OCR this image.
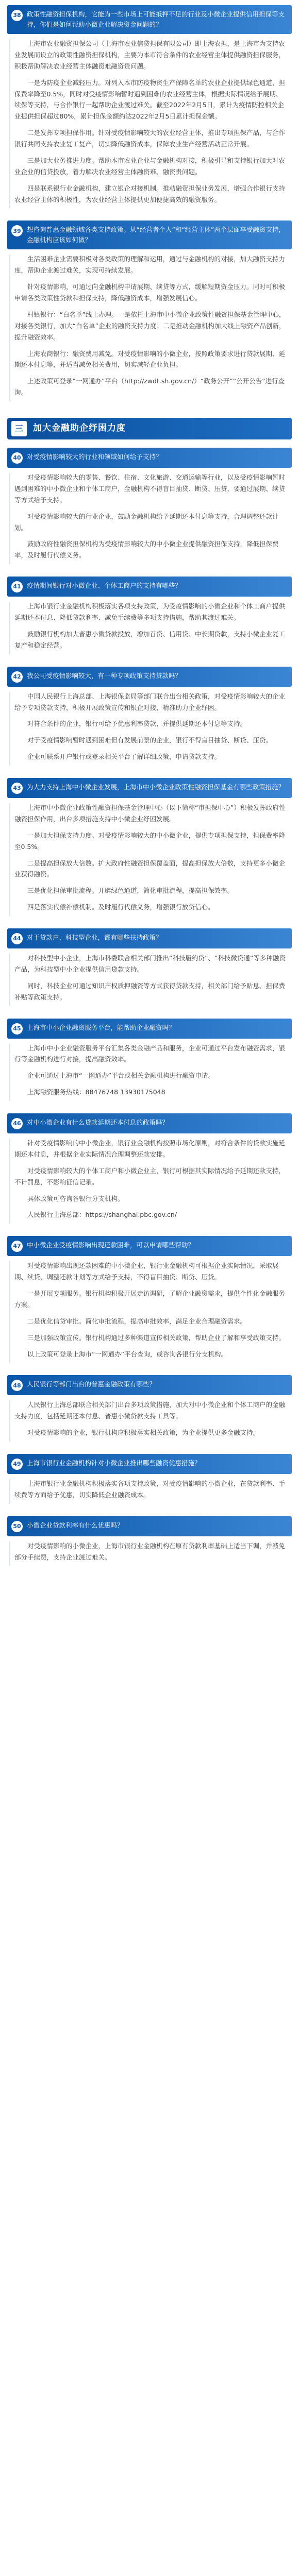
38 政策性融资担保机构，它能为一些市场上可能抵押不足的行业及小微企业提供信用担保等支持，你们是如何帮助小微企业解决资金问题的？

上海市农业融资担保公司（上海市农业信贷担保有限公司）即上海农担，是上海市为支持农业发展而设立的政策性融资担保机构，主要为本市符合条件的农业经营主体提供融资担保服务，积极帮助解决农业经营主体融资难融资贵问题。

一是为防疫企业减轻压力。对列入本市防疫物资生产保障名单的农业企业提供绿色通道，担保费率降至0.5%，同时对受疫情影响暂时遇到困难的农业经营主体，根据实际情况给予展期、续保等支持，与合作银行一起帮助企业渡过难关。截至2022年2月5日，累计为疫情防控相关企业提供担保超过80%，累计担保金额约达2022年2月5日累计担保金额。

二是发挥专项担保作用。针对受疫情影响较大的农业经营主体，推出专项担保产品，与合作银行共同支持农业复工复产，切实降低融资成本，保障农业生产经营活动正常开展。

三是加大业务推进力度。帮助本市农业企业与金融机构对接，积极引导和支持银行加大对农业企业的信贷投放，着力解决农业经营主体融资难、融资贵问题。

四是联系银行业金融机构，建立银企对接机制。推动融资担保业务发展，增强合作银行支持农业经营主体的积极性，为农业经营主体提供更加便捷高效的融资服务。

39 想咨询普惠金融领域各类支持政策。从“经营者个人”和“经营主体”两个层面享受融资支持，金融机构应该如何做？

生活困难企业需要积极对各类政策的理解和运用，通过与金融机构的对接，加大融资支持力度，帮助企业渡过难关，实现可持续发展。

针对疫情影响，可通过向金融机构申请展期、续贷等方式，缓解短期资金压力。同时可积极申请各类政策性贷款和担保支持，降低融资成本，增强发展信心。

村镇银行：“白名单”线上办理。一是依托上海市中小微企业政策性融资担保基金管理中心，对接各类银行，加大“白名单”企业的融资支持力度；二是推动金融机构加大线上融资产品创新，提升融资效率。

上海农商银行：融资费用减免。对受疫情影响的小微企业，按照政策要求进行贷款展期、延期还本付息等，并适当减免相关费用，切实减轻企业负担。

上述政策可登录“一网通办”平台（http://zwdt.sh.gov.cn/）“政务公开”“公开公告”进行查询。

三	加大金融助企纾困力度
40 对受疫情影响较大的行业和领域如何给予支持？

对受疫情影响较大的零售、餐饮、住宿、文化旅游、交通运输等行业，以及受疫情影响暂时遇到困难的中小微企业和个体工商户，金融机构不得盲目抽贷、断贷、压贷，要通过展期、续贷等方式给予支持。

对受疫情影响较大的行业企业，鼓励金融机构给予延期还本付息等支持，合理调整还款计划。

鼓励政府性融资担保机构为受疫情影响较大的中小微企业提供融资担保支持，降低担保费率，及时履行代偿义务。

41 疫情期间银行对小微企业、个体工商户的支持有哪些？

上海市银行业金融机构积极落实各项支持政策，为受疫情影响的小微企业和个体工商户提供延期还本付息、降低贷款利率、减免手续费等多项支持措施，帮助其渡过难关。

鼓励银行机构加大普惠小微贷款投放，增加首贷、信用贷、中长期贷款，支持小微企业复工复产和稳定经营。

42 我公司受疫情影响较大，有一种专项政策支持贷款吗？

中国人民银行上海总部、上海银保监局等部门联合出台相关政策，对受疫情影响较大的企业给予专项贷款支持，积极开展政策宣传和银企对接，精准助力企业纾困。

对符合条件的企业，银行可给予优惠利率贷款，并提供延期还本付息等支持。

对于受疫情影响暂时遇到困难但有发展前景的企业，银行不得盲目抽贷、断贷、压贷。

企业可联系开户银行或登录相关平台了解详细政策，申请贷款支持。

43 为大力支持上海中小微企业发展，上海市中小微企业政策性融资担保基金有哪些政策措施？

上海市中小微企业政策性融资担保基金管理中心（以下简称“市担保中心”）积极发挥政府性融资担保作用，出台多项措施支持中小微企业纾困发展。

一是加大担保支持力度。对受疫情影响较大的中小微企业，提供专项担保支持，担保费率降至0.5%。

二是提高担保放大倍数。扩大政府性融资担保覆盖面，提高担保放大倍数，支持更多小微企业获得融资。

三是优化担保审批流程。开辟绿色通道，简化审批流程，提高担保效率。

四是落实代偿补偿机制。及时履行代偿义务，增强银行放贷信心。

44 对于贷款户、科技型企业，都有哪些扶持政策？

对科技型中小企业，上海市科委联合相关部门推出“科技履约贷”、“科技微贷通”等多种融资产品，为科技型中小企业提供信用贷款支持。

同时，科技企业可通过知识产权质押融资等方式获得贷款支持，相关部门给予贴息、担保费补贴等政策支持。

45 上海市中小企业融资服务平台，能帮助企业融资吗？

上海市中小企业融资服务平台汇集各类金融产品和服务，企业可通过平台发布融资需求，银行等金融机构进行对接，提高融资效率。

企业可通过上海市“一网通办”平台或相关金融机构进行融资申请。

上海融资服务热线：88476748 13930175048

46 对中小微企业有什么贷款延期还本付息的政策吗？

针对受疫情影响的中小微企业，银行业金融机构按照市场化原则，对符合条件的贷款实施延期还本付息，并根据企业实际情况合理调整还款安排。

对受疫情影响较大的个体工商户和小微企业主，银行可根据其实际情况给予延期还款支持，不计罚息，不影响征信记录。

具体政策可咨询各银行分支机构。

人民银行上海总部：https://shanghai.pbc.gov.cn/

47 中小微企业受疫情影响出现还款困难，可以申请哪些帮助？

对受疫情影响出现还款困难的中小微企业，银行业金融机构可根据企业实际情况，采取展期、续贷、调整还款计划等方式给予支持，不得盲目抽贷、断贷、压贷。

一是开展专项服务。银行机构积极开展走访调研，了解企业融资需求，提供个性化金融服务方案。

二是优化信贷审批。简化审批流程，提高审批效率，满足企业合理融资需求。

三是加强政策宣传。银行机构通过多种渠道宣传相关政策，帮助企业了解和享受政策支持。

以上政策可登录上海市“一网通办”平台查询，或咨询各银行分支机构。

48 人民银行等部门出台的普惠金融政策有哪些？

人民银行上海总部联合相关部门出台多项政策措施，加大对中小微企业和个体工商户的金融支持力度，包括延期还本付息、普惠小微贷款支持工具等。

对受疫情影响的企业，银行机构应积极落实相关政策，为企业提供更多金融支持。

49 上海市银行业金融机构针对小微企业推出哪些融资优惠措施？

上海市银行业金融机构积极落实各项支持政策，对受疫情影响的小微企业，在贷款利率、手续费等方面给予优惠，切实降低企业融资成本。

50 小微企业贷款利率有什么优惠吗？

对受疫情影响的小微企业，上海市银行业金融机构在原有贷款利率基础上适当下调，并减免部分手续费，支持企业渡过难关。
